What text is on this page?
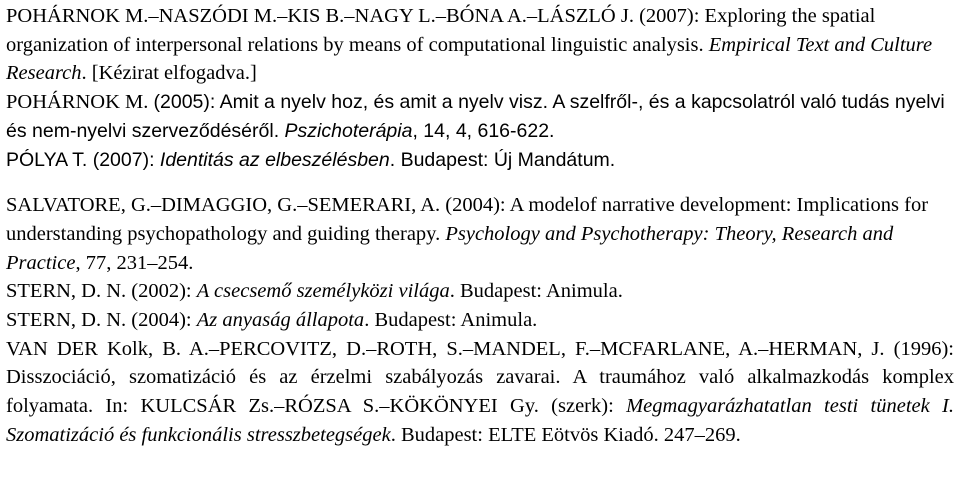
POHÁRNOK M.–NASZÓDI M.–KIS B.–NAGY L.–BÓNA A.–LÁSZLÓ J. (2007): Exploring the spatial organization of interpersonal relations by means of computational linguistic analysis. Empirical Text and Culture Research. [Kézirat elfogadva.]

POHÁRNOK M. (2005): Amit a nyelv hoz, és amit a nyelv visz. A szelfről-, és a kapcsolatról való tudás nyelvi és nem-nyelvi szerveződéséről. Pszichoterápia, 14, 4, 616-622.

PÓLYA T. (2007): Identitás az elbeszélésben. Budapest: Új Mandátum.

SALVATORE, G.–DIMAGGIO, G.–SEMERARI, A. (2004): A modelof narrative development: Implications for understanding psychopathology and guiding therapy. Psychology and Psychotherapy: Theory, Research and Practice, 77, 231–254.

STERN, D. N. (2002): A csecsemő személyközi világa. Budapest: Animula.

STERN, D. N. (2004): Az anyaság állapota. Budapest: Animula.

VAN DER Kolk, B. A.–PERCOVITZ, D.–ROTH, S.–MANDEL, F.–MCFARLANE, A.–HERMAN, J. (1996): Disszociáció, szomatizáció és az érzelmi szabályozás zavarai. A traumához való alkalmazkodás komplex folyamata. In: KULCSÁR Zs.–RÓZSA S.–KÖKÖNYEI Gy. (szerk): Megmagyarázhatatlan testi tünetek I. Szomatizáció és funkcionális stresszbetegségek. Budapest: ELTE Eötvös Kiadó. 247–269.
